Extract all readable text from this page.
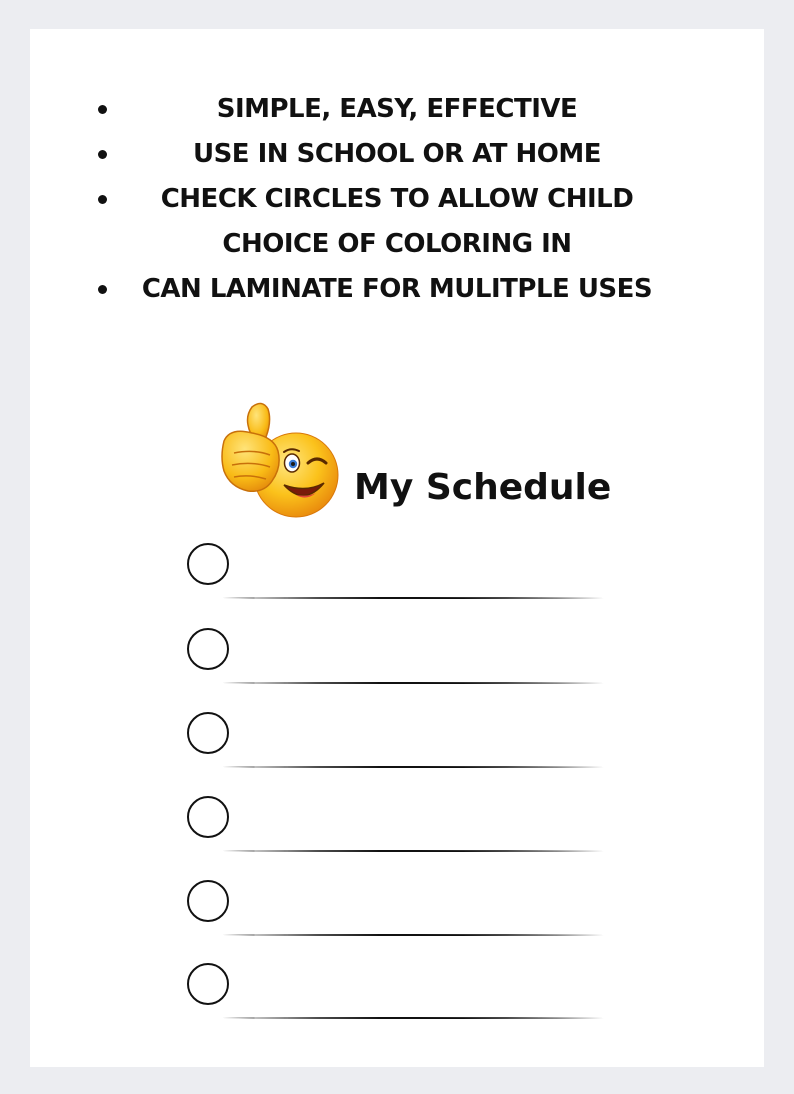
SIMPLE, EASY, EFFECTIVE
USE IN SCHOOL OR AT HOME
CHECK CIRCLES TO ALLOW CHILD
CHOICE OF COLORING IN
CAN LAMINATE FOR MULITPLE USES
My Schedule
